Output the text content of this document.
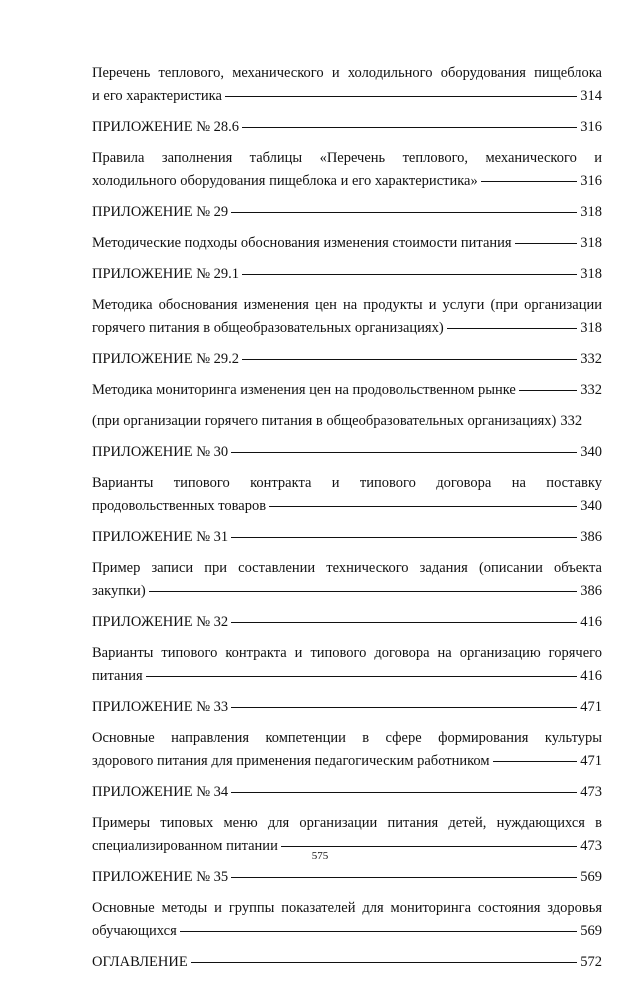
Перечень теплового, механического и холодильного оборудования пищеблока
и его характеристика	314
ПРИЛОЖЕНИЕ № 28.6	316
Правила заполнения таблицы «Перечень теплового, механического и
холодильного оборудования пищеблока и его характеристика»	316
ПРИЛОЖЕНИЕ № 29	318
Методические подходы обоснования изменения стоимости питания	318
ПРИЛОЖЕНИЕ № 29.1	318
Методика обоснования изменения цен на продукты и услуги (при организации
горячего питания в общеобразовательных организациях)	318
ПРИЛОЖЕНИЕ № 29.2	332
Методика мониторинга изменения цен на продовольственном рынке	332
(при организации горячего питания в общеобразовательных организациях) 332
ПРИЛОЖЕНИЕ № 30	340
Варианты типового контракта и типового договора на поставку
продовольственных товаров	340
ПРИЛОЖЕНИЕ № 31	386
Пример записи при составлении технического задания (описании объекта
закупки)	386
ПРИЛОЖЕНИЕ № 32	416
Варианты типового контракта и типового договора на организацию горячего
питания	416
ПРИЛОЖЕНИЕ № 33	471
Основные направления компетенции в сфере формирования культуры
здорового питания для применения педагогическим работником	471
ПРИЛОЖЕНИЕ № 34	473
Примеры типовых меню для организации питания детей, нуждающихся в
специализированном питании	473
ПРИЛОЖЕНИЕ № 35	569
Основные методы и группы показателей для мониторинга состояния здоровья
обучающихся	569
ОГЛАВЛЕНИЕ	572
575
